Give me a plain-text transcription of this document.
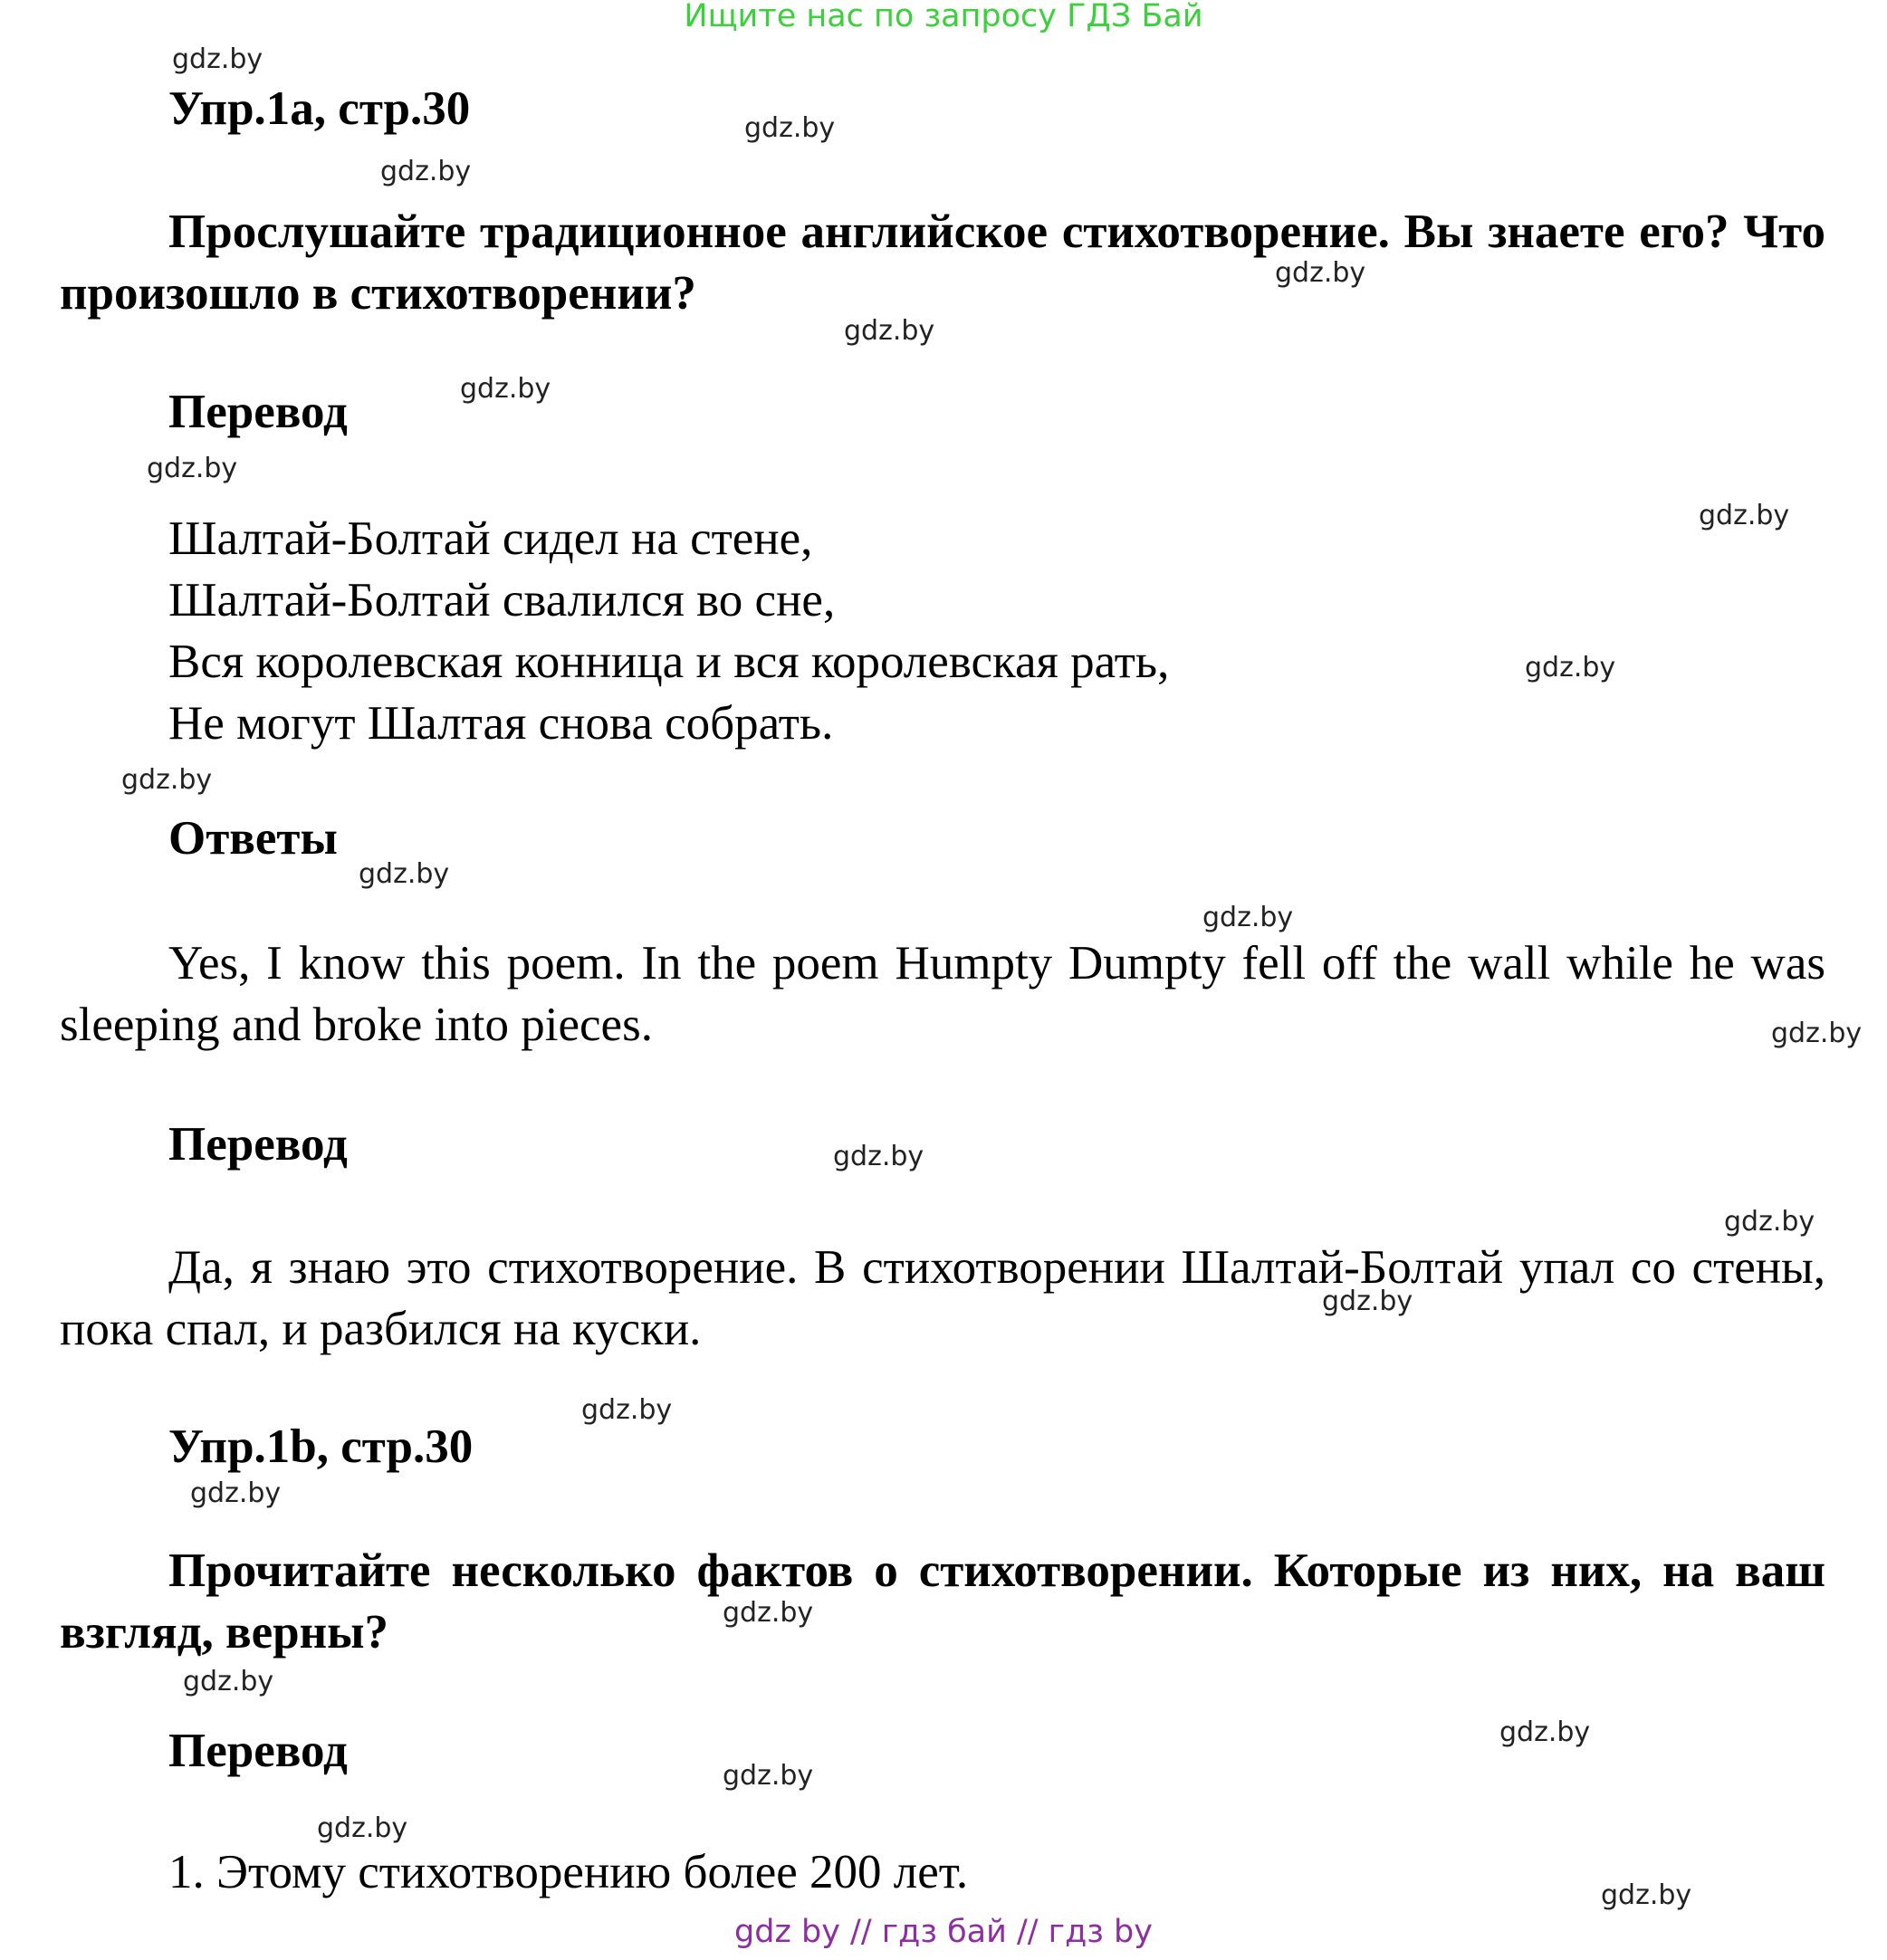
Ищите нас по запросу ГДЗ Бай
Упр.1а, стр.30
Прослушайте традиционное английское стихотворение. Вы знаете его? Что произошло в стихотворении?
Перевод
Шалтай-Болтай сидел на стене,
Шалтай-Болтай свалился во сне,
Вся королевская конница и вся королевская рать,
Не могут Шалтая снова собрать.
Ответы
Yes, I know this poem. In the poem Humpty Dumpty fell off the wall while he was sleeping and broke into pieces.
Перевод
Да, я знаю это стихотворение. В стихотворении Шалтай-Болтай упал со стены, пока спал, и разбился на куски.
Упр.1b, стр.30
Прочитайте несколько фактов о стихотворении. Которые из них, на ваш взгляд, верны?
Перевод
1. Этому стихотворению более 200 лет.
gdz.by
gdz.by
gdz.by
gdz.by
gdz.by
gdz.by
gdz.by
gdz.by
gdz.by
gdz.by
gdz.by
gdz.by
gdz.by
gdz.by
gdz.by
gdz.by
gdz.by
gdz.by
gdz.by
gdz.by
gdz.by
gdz.by
gdz.by
gdz.by
gdz by // гдз бай // гдз by
